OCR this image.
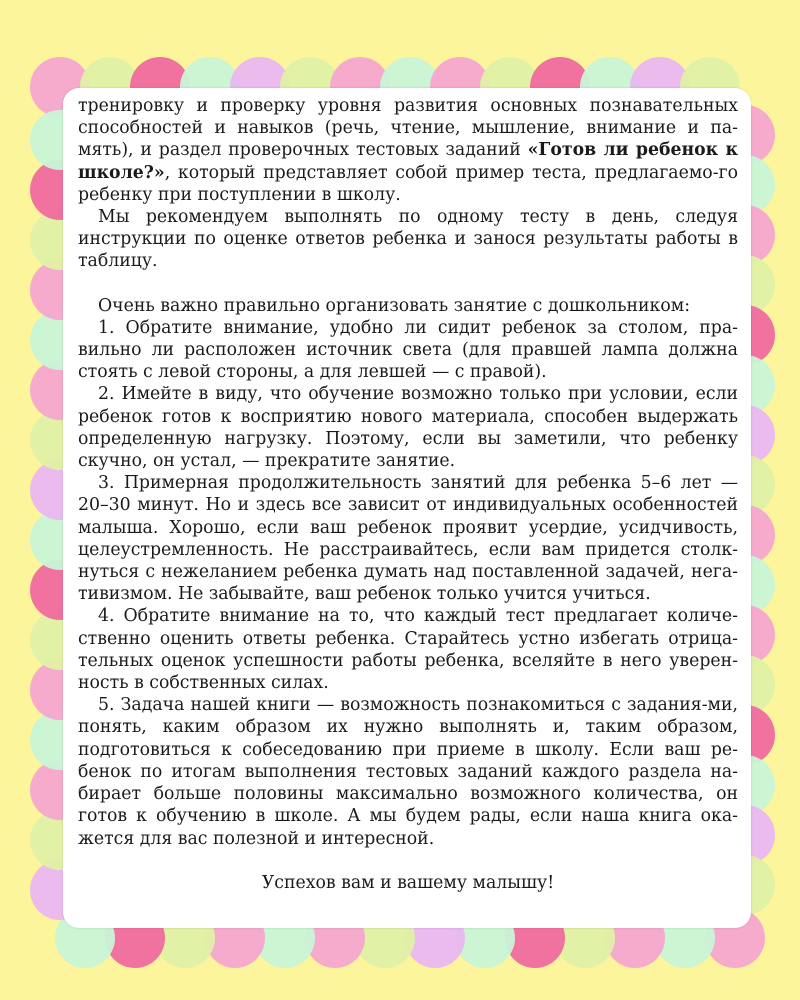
тренировку и проверку уровня развития основных познавательных способностей и навыков (речь, чтение, мышление, внимание и па-мять), и раздел проверочных тестовых заданий «Готов ли ребенок к школе?», который представляет собой пример теста, предлагаемо-го ребенку при поступлении в школу.

Мы рекомендуем выполнять по одному тесту в день, следуя инструкции по оценке ответов ребенка и занося результаты работы в таблицу.

Очень важно правильно организовать занятие с дошкольником:

1. Обратите внимание, удобно ли сидит ребенок за столом, пра-вильно ли расположен источник света (для правшей лампа должна стоять с левой стороны, а для левшей — с правой).

2. Имейте в виду, что обучение возможно только при условии, если ребенок готов к восприятию нового материала, способен выдержать определенную нагрузку. Поэтому, если вы заметили, что ребенку скучно, он устал, — прекратите занятие.

3. Примерная продолжительность занятий для ребенка 5–6 лет — 20–30 минут. Но и здесь все зависит от индивидуальных особенностей малыша. Хорошо, если ваш ребенок проявит усердие, усидчивость, целеустремленность. Не расстраивайтесь, если вам придется столк-нуться с нежеланием ребенка думать над поставленной задачей, нега-тивизмом. Не забывайте, ваш ребенок только учится учиться.

4. Обратите внимание на то, что каждый тест предлагает количе-ственно оценить ответы ребенка. Старайтесь устно избегать отрица-тельных оценок успешности работы ребенка, вселяйте в него уверен-ность в собственных силах.

5. Задача нашей книги — возможность познакомиться с задания-ми, понять, каким образом их нужно выполнять и, таким образом, подготовиться к собеседованию при приеме в школу. Если ваш ре-бенок по итогам выполнения тестовых заданий каждого раздела на-бирает больше половины максимально возможного количества, он готов к обучению в школе. А мы будем рады, если наша книга ока-жется для вас полезной и интересной.

Успехов вам и вашему малышу!
